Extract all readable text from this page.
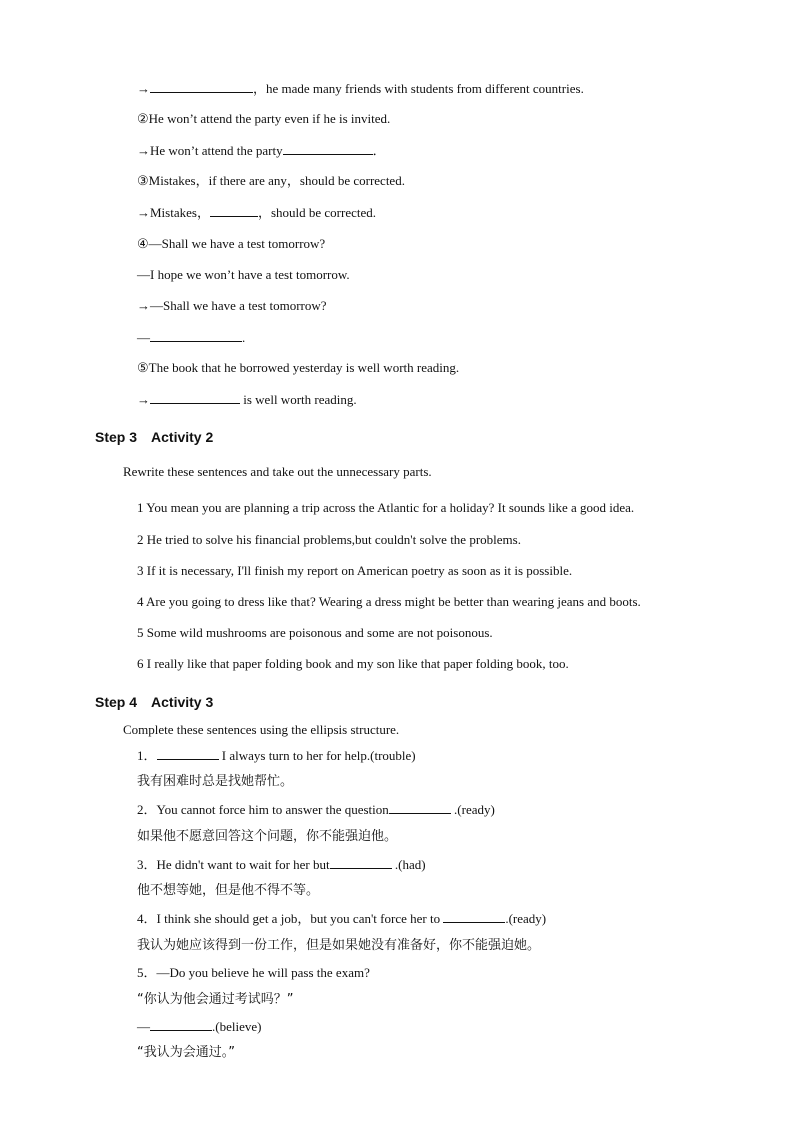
→	，he made many friends with students from different countries.
②He won’t attend the party even if he is invited.
→He won’t attend the party	．
③Mistakes，if there are any，should be corrected.
→Mistakes，	，should be corrected.
④—Shall we have a test tomorrow?
—I hope we won’t have a test tomorrow.
→—Shall we have a test tomorrow?
—	.
⑤The book that he borrowed yesterday is well worth reading.
→	is well worth reading.
Step 3 Activity 2
Rewrite these sentences and take out the unnecessary parts.
1 You mean you are planning a trip across the Atlantic for a holiday? It sounds like a good idea.
2 He tried to solve his financial problems,but couldn't solve the problems.
3 If it is necessary, I'll finish my report on American poetry as soon as it is possible.
4 Are you going to dress like that? Wearing a dress might be better than wearing jeans and boots.
5 Some wild mushrooms are poisonous and some are not poisonous.
6 I really like that paper folding book and my son like that paper folding book, too.
Step 4 Activity 3
Complete these sentences using the ellipsis structure.
1．	I always turn to her for help.(trouble)
我有困难时总是找她帮忙。
2．You cannot force him to answer the question	.(ready)
如果他不愿意回答这个问题，你不能强迫他。
3．He didn't want to wait for her but	.(had)
他不想等她，但是他不得不等。
4．I think she should get a job，but you can't force her to	.(ready)
我认为她应该得到一份工作，但是如果她没有准备好，你不能强迫她。
5．—Do you believe he will pass the exam?
“你认为他会通过考试吗？”
—	.(believe)
“我认为会通过。”
